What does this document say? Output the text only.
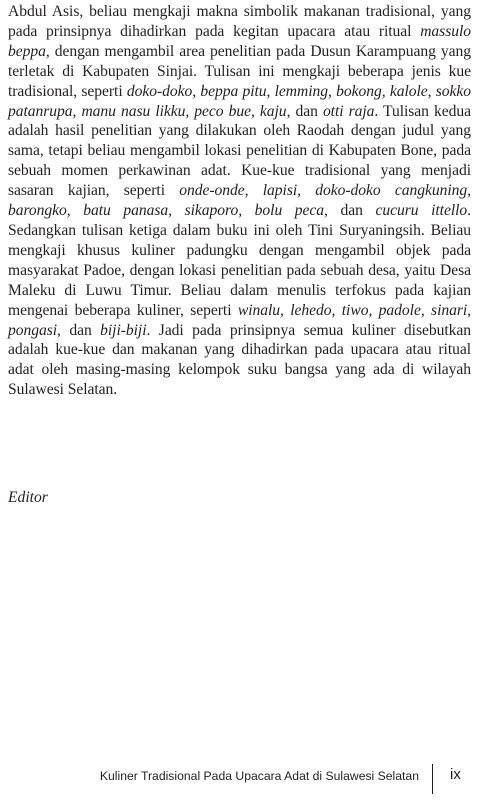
Abdul Asis, beliau mengkaji makna simbolik makanan tradisional, yang pada prinsipnya dihadirkan pada kegitan upacara atau ritual massulo beppa, dengan mengambil area penelitian pada Dusun Karampuang yang terletak di Kabupaten Sinjai. Tulisan ini mengkaji beberapa jenis kue tradisional, seperti doko-doko, beppa pitu, lemming, bokong, kalole, sokko patanrupa, manu nasu likku, peco bue, kaju, dan otti raja. Tulisan kedua adalah hasil penelitian yang dilakukan oleh Raodah dengan judul yang sama, tetapi beliau mengambil lokasi penelitian di Kabupaten Bone, pada sebuah momen perkawinan adat. Kue-kue tradisional yang menjadi sasaran kajian, seperti onde-onde, lapisi, doko-doko cangkuning, barongko, batu panasa, sikaporo, bolu peca, dan cucuru ittello. Sedangkan tulisan ketiga dalam buku ini oleh Tini Suryaningsih. Beliau mengkaji khusus kuliner padungku dengan mengambil objek pada masyarakat Padoe, dengan lokasi penelitian pada sebuah desa, yaitu Desa Maleku di Luwu Timur. Beliau dalam menulis terfokus pada kajian mengenai beberapa kuliner, seperti winalu, lehedo, tiwo, padole, sinari, pongasi, dan biji-biji. Jadi pada prinsipnya semua kuliner disebutkan adalah kue-kue dan makanan yang dihadirkan pada upacara atau ritual adat oleh masing-masing kelompok suku bangsa yang ada di wilayah Sulawesi Selatan.

Editor

Kuliner Tradisional Pada Upacara Adat di Sulawesi Selatan ix
